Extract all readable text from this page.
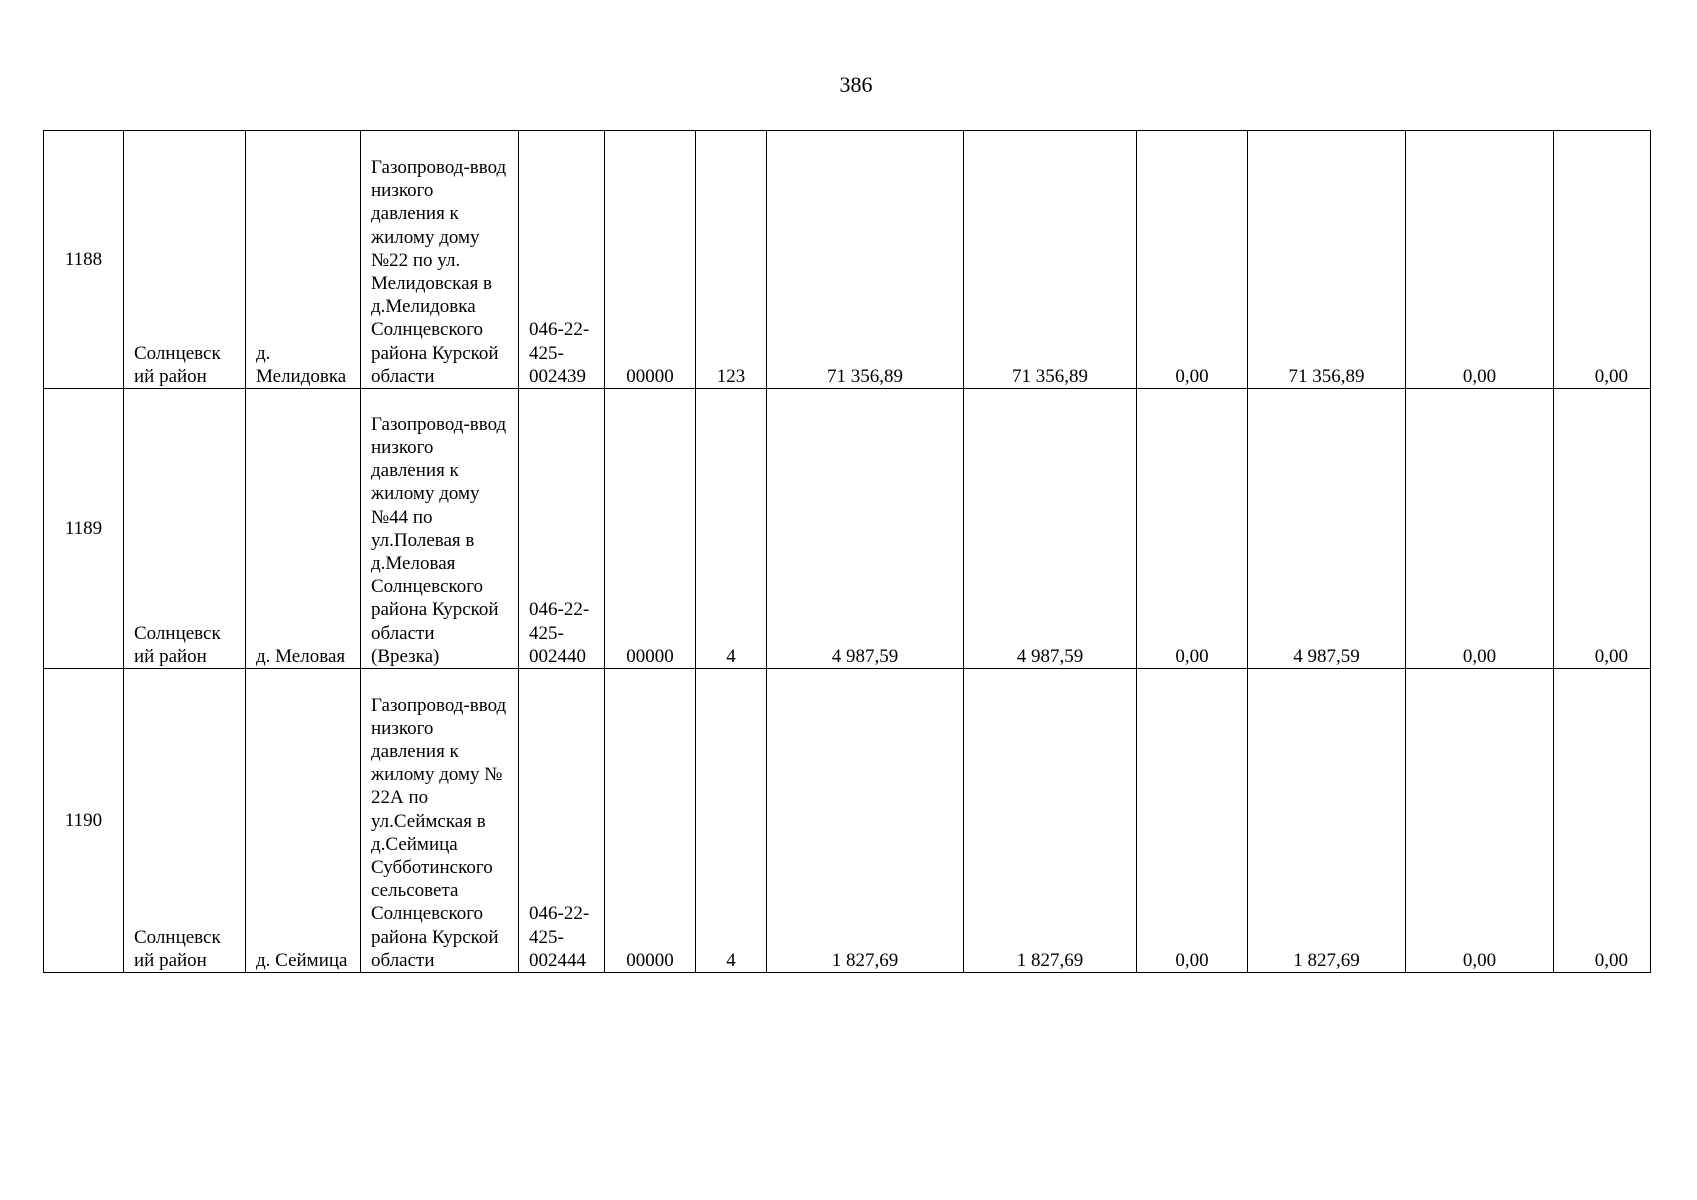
386
1188	Солнцевский район	д. Мелидовка	Газопровод-ввод низкого давления к жилому дому №22 по ул. Мелидовская в д.Мелидовка Солнцевского района Курской области	046-22-425-002439	00000	123	71 356,89	71 356,89	0,00	71 356,89	0,00	0,00
1189	Солнцевский район	д. Меловая	Газопровод-ввод низкого давления к жилому дому №44 по ул.Полевая в д.Меловая Солнцевского района Курской области (Врезка)	046-22-425-002440	00000	4	4 987,59	4 987,59	0,00	4 987,59	0,00	0,00
1190	Солнцевский район	д. Сеймица	Газопровод-ввод низкого давления к жилому дому № 22А по ул.Сеймская в д.Сеймица Субботинского сельсовета Солнцевского района Курской области	046-22-425-002444	00000	4	1 827,69	1 827,69	0,00	1 827,69	0,00	0,00
